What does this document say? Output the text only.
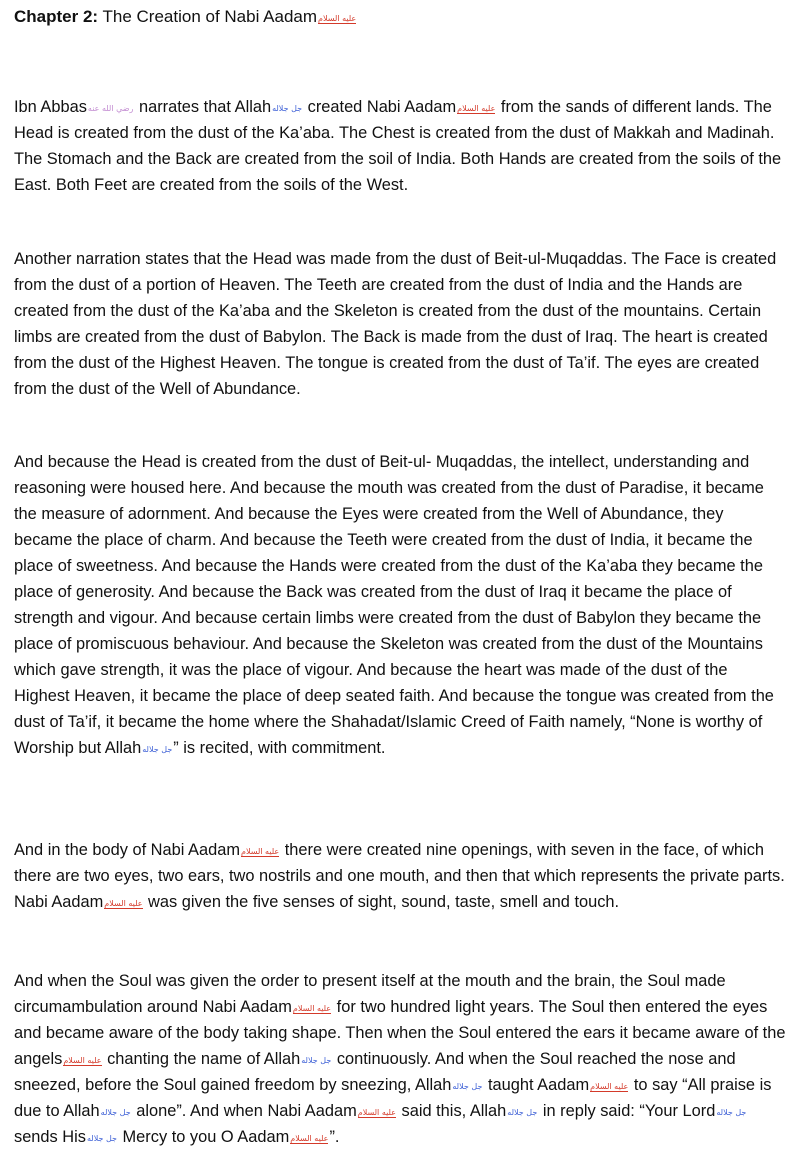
Chapter 2: The Creation of Nabi Aadamعليه السلام

Ibn Abbasرضي الله عنه narrates that Allahجل جلاله created Nabi Aadamعليه السلام from the sands of different lands. The Head is created from the dust of the Ka’aba. The Chest is created from the dust of Makkah and Madinah. The Stomach and the Back are created from the soil of India. Both Hands are created from the soils of the East. Both Feet are created from the soils of the West.

Another narration states that the Head was made from the dust of Beit-ul-Muqaddas. The Face is created from the dust of a portion of Heaven. The Teeth are created from the dust of India and the Hands are created from the dust of the Ka’aba and the Skeleton is created from the dust of the mountains. Certain limbs are created from the dust of Babylon. The Back is made from the dust of Iraq. The heart is created from the dust of the Highest Heaven. The tongue is created from the dust of Ta’if. The eyes are created from the dust of the Well of Abundance.

And because the Head is created from the dust of Beit-ul- Muqaddas, the intellect, understanding and reasoning were housed here. And because the mouth was created from the dust of Paradise, it became the measure of adornment. And because the Eyes were created from the Well of Abundance, they became the place of charm. And because the Teeth were created from the dust of India, it became the place of sweetness. And because the Hands were created from the dust of the Ka’aba they became the place of generosity. And because the Back was created from the dust of Iraq it became the place of strength and vigour. And because certain limbs were created from the dust of Babylon they became the place of promiscuous behaviour. And because the Skeleton was created from the dust of the Mountains which gave strength, it was the place of vigour. And because the heart was made of the dust of the Highest Heaven, it became the place of deep seated faith. And because the tongue was created from the dust of Ta’if, it became the home where the Shahadat/Islamic Creed of Faith namely, “None is worthy of Worship but Allahجل جلاله” is recited, with commitment.

And in the body of Nabi Aadamعليه السلام there were created nine openings, with seven in the face, of which there are two eyes, two ears, two nostrils and one mouth, and then that which represents the private parts. Nabi Aadamعليه السلام was given the five senses of sight, sound, taste, smell and touch.

And when the Soul was given the order to present itself at the mouth and the brain, the Soul made circumambulation around Nabi Aadamعليه السلام for two hundred light years. The Soul then entered the eyes and became aware of the body taking shape. Then when the Soul entered the ears it became aware of the angelsعليه السلام chanting the name of Allahجل جلاله continuously. And when the Soul reached the nose and sneezed, before the Soul gained freedom by sneezing, Allahجل جلاله taught Aadamعليه السلام to say “All praise is due to Allahجل جلاله alone”. And when Nabi Aadamعليه السلام said this, Allahجل جلاله in reply said: “Your Lordجل جلاله sends Hisجل جلاله Mercy to you O Aadamعليه السلام”.
